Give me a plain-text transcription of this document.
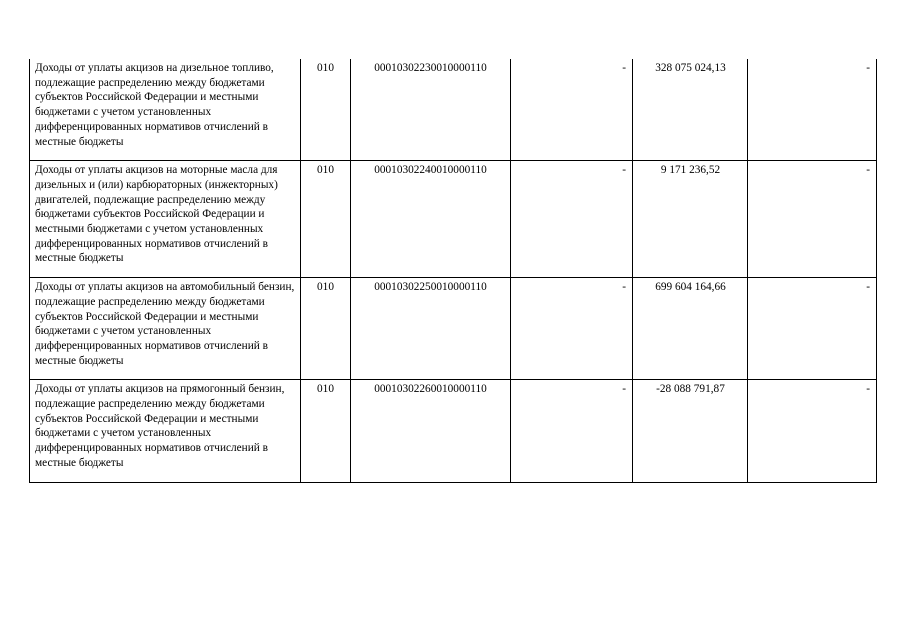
Доходы от уплаты акцизов на дизельное топливо, подлежащие распределению между бюджетами субъектов Российской Федерации и местными бюджетами с учетом установленных дифференцированных нормативов отчислений в местные бюджеты	010	00010302230010000110	-	328 075 024,13	-
Доходы от уплаты акцизов на моторные масла для дизельных и (или) карбюраторных (инжекторных) двигателей, подлежащие распределению между бюджетами субъектов Российской Федерации и местными бюджетами с учетом установленных дифференцированных нормативов отчислений в местные бюджеты	010	00010302240010000110	-	9 171 236,52	-
Доходы от уплаты акцизов на автомобильный бензин, подлежащие распределению между бюджетами субъектов Российской Федерации и местными бюджетами с учетом установленных дифференцированных нормативов отчислений в местные бюджеты	010	00010302250010000110	-	699 604 164,66	-
Доходы от уплаты акцизов на прямогонный бензин, подлежащие распределению между бюджетами субъектов Российской Федерации и местными бюджетами с учетом установленных дифференцированных нормативов отчислений в местные бюджеты	010	00010302260010000110	-	-28 088 791,87	-
